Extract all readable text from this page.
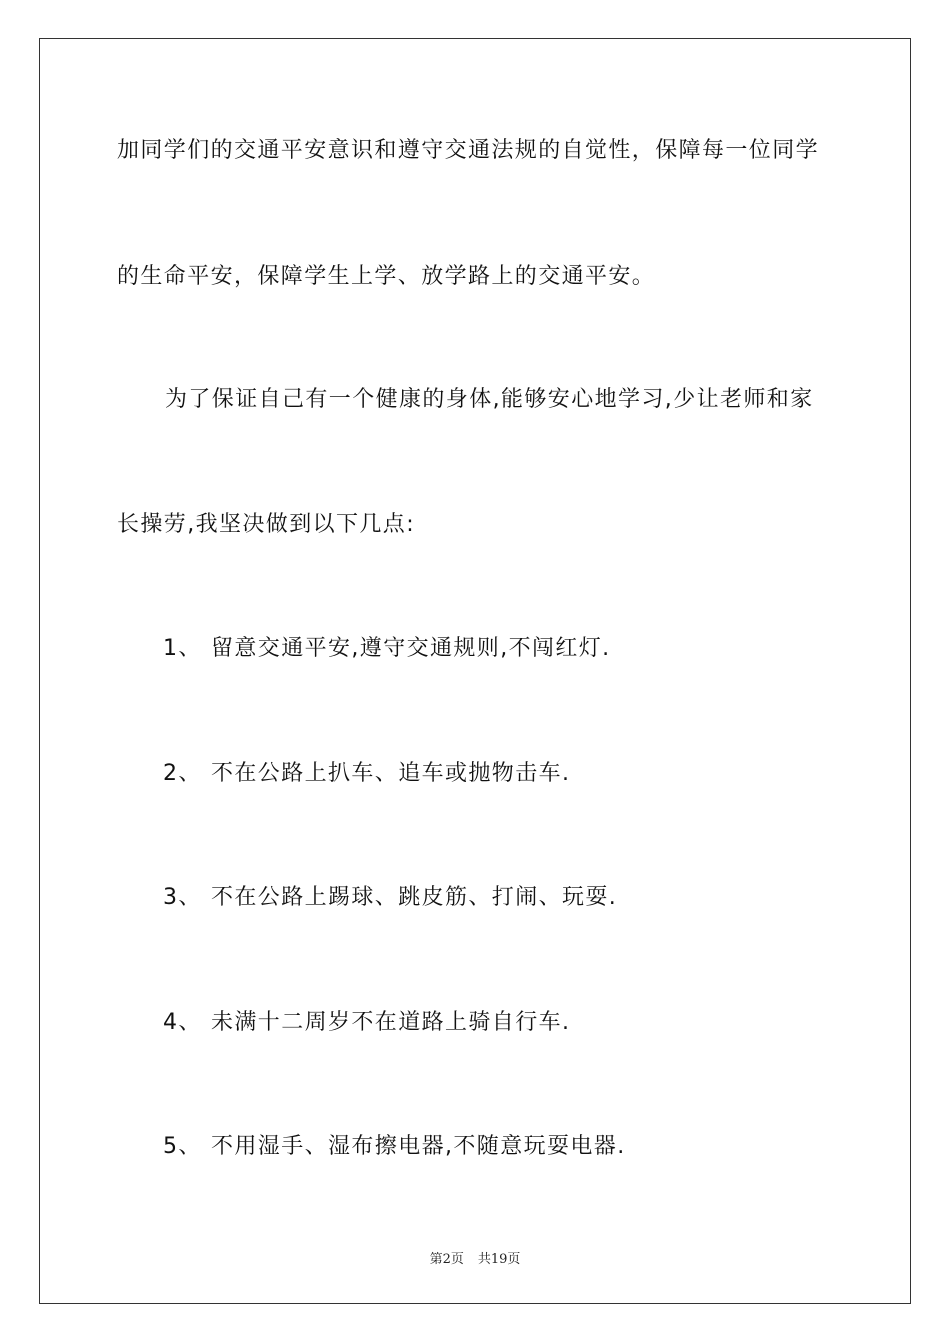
加同学们的交通平安意识和遵守交通法规的自觉性，保障每一位同学
的生命平安，保障学生上学、放学路上的交通平安。
为了保证自己有一个健康的身体,能够安心地学习,少让老师和家
长操劳,我坚决做到以下几点:
1、 留意交通平安,遵守交通规则,不闯红灯.
2、 不在公路上扒车、追车或抛物击车.
3、 不在公路上踢球、跳皮筋、打闹、玩耍.
4、 未满十二周岁不在道路上骑自行车.
5、 不用湿手、湿布擦电器,不随意玩耍电器.
第2页 共19页
